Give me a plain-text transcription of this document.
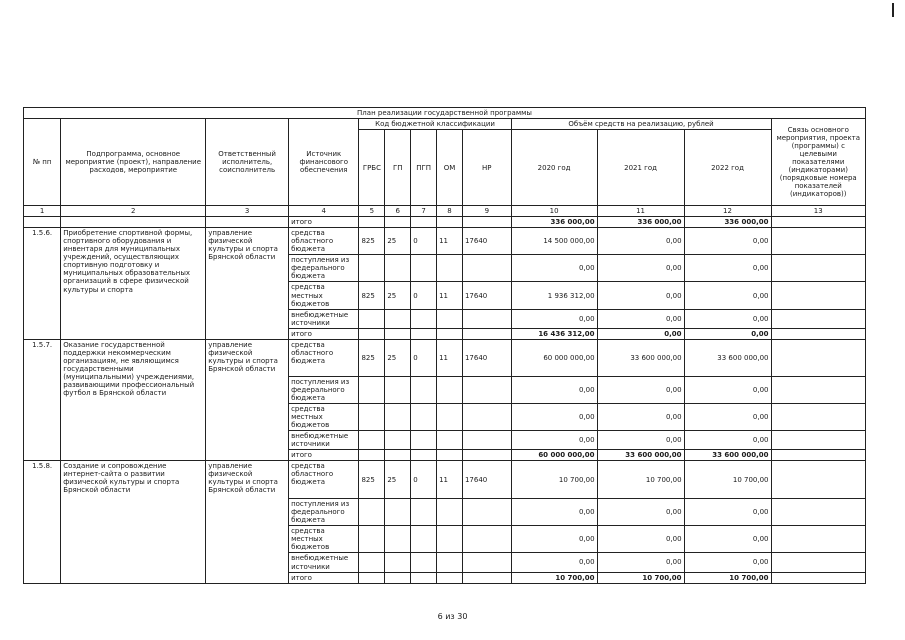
План реализации государственной программы												
№ пп	Подпрограмма, основное мероприятие (проект), направление расходов, мероприятие	Ответственный исполнитель, соисполнитель	Источник финансового обеспечения	Код бюджетной классификации					Объём средств на реализацию, рублей			Связь основного мероприятия, проекта (программы) с целевыми показателями (индикаторами) (порядковые номера показателей (индикаторов))
				ГРБС	ГП	ПГП	ОМ	НР	2020 год	2021 год	2022 год	
1	2	3	4	5	6	7	8	9	10	11	12	13
			итого						336 000,00	336 000,00	336 000,00	
1.5.6.	Приобретение спортивной формы, спортивного оборудования и инвентаря для муниципальных учреждений, осуществляющих спортивную подготовку и муниципальных образовательных организаций в сфере физической культуры и спорта	управление физической культуры и спорта Брянской области	средства областного бюджета	825	25	0	11	17640	14 500 000,00	0,00	0,00	
			поступления из федерального бюджета						0,00	0,00	0,00	
			средства местных бюджетов	825	25	0	11	17640	1 936 312,00	0,00	0,00	
			внебюджетные источники						0,00	0,00	0,00	
			итого						16 436 312,00	0,00	0,00	
1.5.7.	Оказание государственной поддержки некоммерческим организациям, не являющимся государственными (муниципальными) учреждениями, развивающими профессиональный футбол в Брянской области	управление физической культуры и спорта Брянской области	средства областного бюджета	825	25	0	11	17640	60 000 000,00	33 600 000,00	33 600 000,00	
			поступления из федерального бюджета						0,00	0,00	0,00	
			средства местных бюджетов						0,00	0,00	0,00	
			внебюджетные источники						0,00	0,00	0,00	
			итого						60 000 000,00	33 600 000,00	33 600 000,00	
1.5.8.	Создание и сопровождение интернет-сайта о развитии физической культуры и спорта Брянской области	управление физической культуры и спорта Брянской области	средства областного бюджета	825	25	0	11	17640	10 700,00	10 700,00	10 700,00	
			поступления из федерального бюджета						0,00	0,00	0,00	
			средства местных бюджетов						0,00	0,00	0,00	
			внебюджетные источники						0,00	0,00	0,00	
			итого						10 700,00	10 700,00	10 700,00	
6 из 30
